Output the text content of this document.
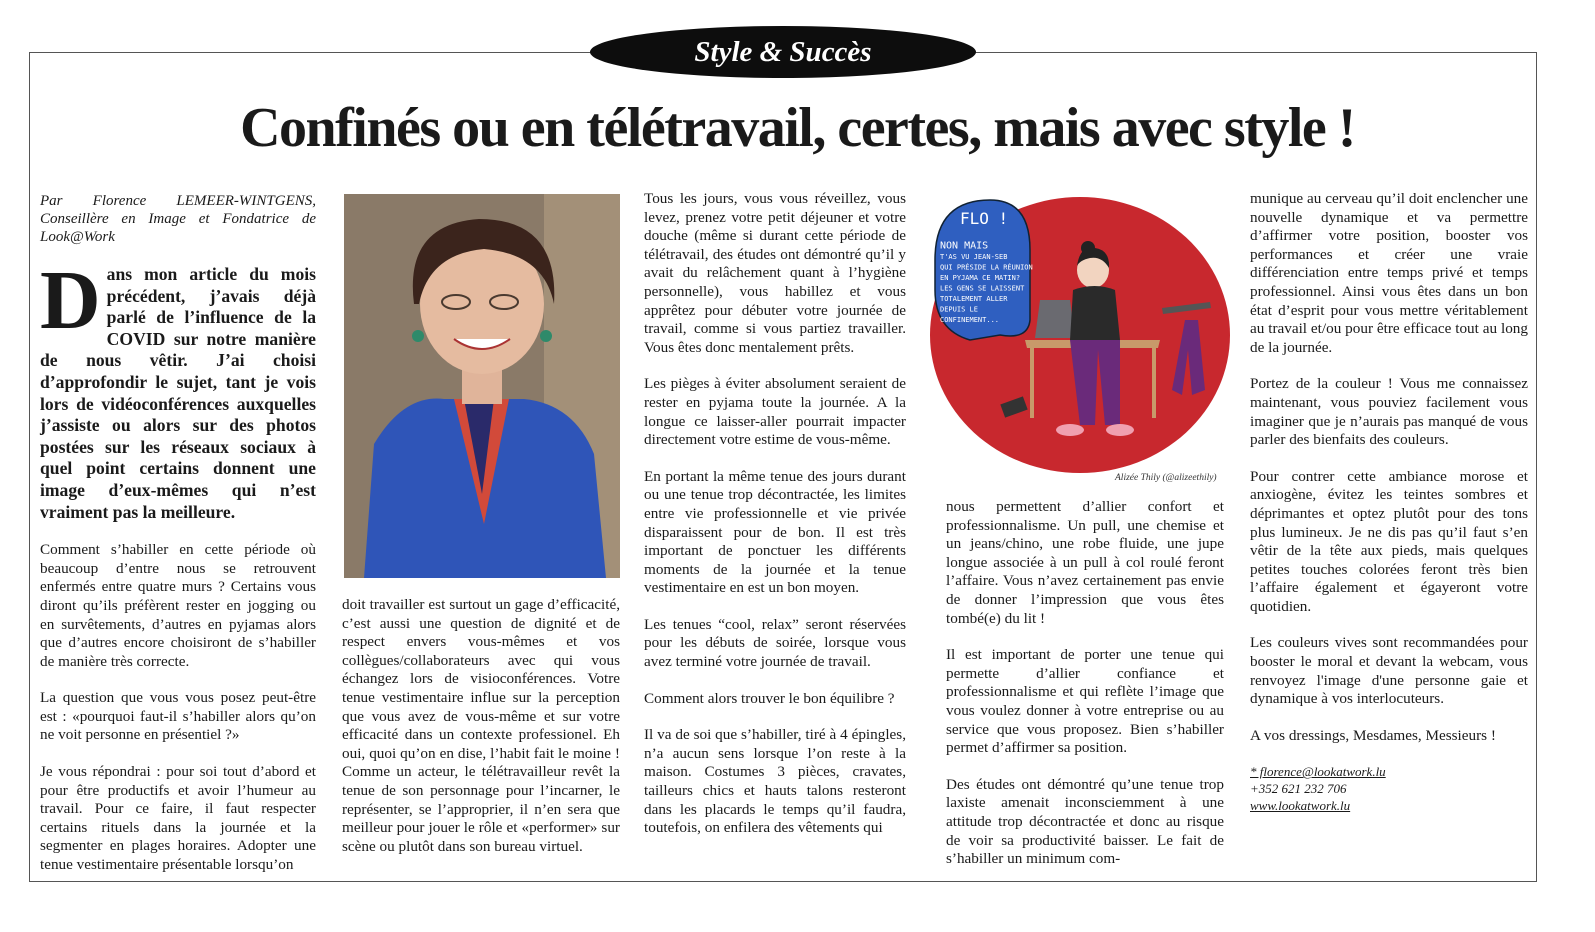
Style & Succès
Confinés ou en télétravail, certes, mais avec style !

Par Florence LEMEER-WINTGENS, Conseillère en Image et Fondatrice de Look@Work

Dans mon article du mois précédent, j’avais déjà parlé de l’influence de la COVID sur notre manière de nous vêtir. J’ai choisi d’approfondir le sujet, tant je vois lors de vidéoconférences auxquelles j’assiste ou alors sur des photos postées sur les réseaux sociaux à quel point certains donnent une image d’eux-mêmes qui n’est vraiment pas la meilleure.

Comment s’habiller en cette période où beaucoup d’entre nous se retrouvent enfermés entre quatre murs ? Certains vous diront qu’ils préfèrent rester en jogging ou en survêtements, d’autres en pyjamas alors que d’autres encore choisiront de s’habiller de manière très correcte.

La question que vous vous posez peut-être est : «pourquoi faut-il s’habiller alors qu’on ne voit personne en présentiel ?»

Je vous répondrai : pour soi tout d’abord et pour être productifs et avoir l’humeur au travail. Pour ce faire, il faut respecter certains rituels dans la journée et la segmenter en plages horaires. Adopter une tenue vestimentaire présentable lorsqu’on

doit travailler est surtout un gage d’efficacité, c’est aussi une question de dignité et de respect envers vous-mêmes et vos collègues/collaborateurs avec qui vous échangez lors de visioconférences. Votre tenue vestimentaire influe sur la perception que vous avez de vous-même et sur votre efficacité dans un contexte professionel. Eh oui, quoi qu’on en dise, l’habit fait le moine ! Comme un acteur, le télétravailleur revêt la tenue de son personnage pour l’incarner, le représenter, se l’approprier, il n’en sera que meilleur pour jouer le rôle et «performer» sur scène ou plutôt dans son bureau virtuel.

Tous les jours, vous vous réveillez, vous levez, prenez votre petit déjeuner et votre douche (même si durant cette période de télétravail, des études ont démontré qu’il y avait du relâchement quant à l’hygiène personnelle), vous habillez et vous apprêtez pour débuter votre journée de travail, comme si vous partiez travailler. Vous êtes donc mentalement prêts.

Les pièges à éviter absolument seraient de rester en pyjama toute la journée. A la longue ce laisser-aller pourrait impacter directement votre estime de vous-même.

En portant la même tenue des jours durant ou une tenue trop décontractée, les limites entre vie professionnelle et vie privée disparaissent pour de bon. Il est très important de ponctuer les différents moments de la journée et la tenue vestimentaire en est un bon moyen.

Les tenues “cool, relax” seront réservées pour les débuts de soirée, lorsque vous avez terminé votre journée de travail.

Comment alors trouver le bon équilibre ?

Il va de soi que s’habiller, tiré à 4 épingles, n’a aucun sens lorsque l’on reste à la maison. Costumes 3 pièces, cravates, tailleurs chics et hauts talons resteront dans les placards le temps qu’il faudra, toutefois, on enfilera des vêtements qui

FLO !
NON MAIS
T'AS VU JEAN-SEB
QUI PRÉSIDE LA RÉUNION
EN PYJAMA CE MATIN?
LES GENS SE LAISSENT
TOTALEMENT ALLER
DEPUIS LE
CONFINEMENT...
Alizée Thily (@alizeethily)

nous permettent d’allier confort et professionnalisme. Un pull, une chemise et un jeans/chino, une robe fluide, une jupe longue associée à un pull à col roulé feront l’affaire. Vous n’avez certainement pas envie de donner l’impression que vous êtes tombé(e) du lit !

Il est important de porter une tenue qui permette d’allier confiance et professionnalisme et qui reflète l’image que vous voulez donner à votre entreprise ou au service que vous proposez. Bien s’habiller permet d’affirmer sa position.

Des études ont démontré qu’une tenue trop laxiste amenait inconsciemment à une attitude trop décontractée et donc au risque de voir sa productivité baisser. Le fait de s’habiller un minimum com-

munique au cerveau qu’il doit enclencher une nouvelle dynamique et va permettre d’affirmer votre position, booster vos performances et créer une vraie différenciation entre temps privé et temps professionnel. Ainsi vous êtes dans un bon état d’esprit pour vous mettre véritablement au travail et/ou pour être efficace tout au long de la journée.

Portez de la couleur ! Vous me connaissez maintenant, vous pouviez facilement vous imaginer que je n’aurais pas manqué de vous parler des bienfaits des couleurs.

Pour contrer cette ambiance morose et anxiogène, évitez les teintes sombres et déprimantes et optez plutôt pour des tons plus lumineux. Je ne dis pas qu’il faut s’en vêtir de la tête aux pieds, mais quelques petites touches colorées feront très bien l’affaire également et égayeront votre quotidien.

Les couleurs vives sont recommandées pour booster le moral et devant la webcam, vous renvoyez l'image d'une personne gaie et dynamique à vos interlocuteurs.

A vos dressings, Mesdames, Messieurs !

* florence@lookatwork.lu

+352 621 232 706

www.lookatwork.lu
